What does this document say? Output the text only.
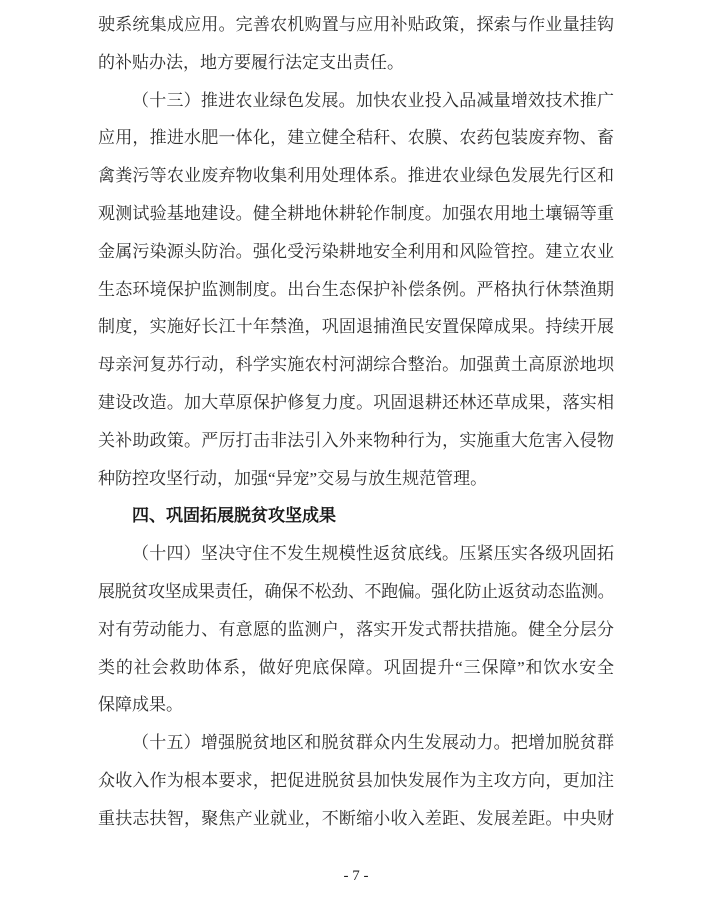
驶系统集成应用。完善农机购置与应用补贴政策，探索与作业量挂钩
的补贴办法，地方要履行法定支出责任。
（十三）推进农业绿色发展。加快农业投入品减量增效技术推广
应用，推进水肥一体化，建立健全秸秆、农膜、农药包装废弃物、畜
禽粪污等农业废弃物收集利用处理体系。推进农业绿色发展先行区和
观测试验基地建设。健全耕地休耕轮作制度。加强农用地土壤镉等重
金属污染源头防治。强化受污染耕地安全利用和风险管控。建立农业
生态环境保护监测制度。出台生态保护补偿条例。严格执行休禁渔期
制度，实施好长江十年禁渔，巩固退捕渔民安置保障成果。持续开展
母亲河复苏行动，科学实施农村河湖综合整治。加强黄土高原淤地坝
建设改造。加大草原保护修复力度。巩固退耕还林还草成果，落实相
关补助政策。严厉打击非法引入外来物种行为，实施重大危害入侵物
种防控攻坚行动，加强“异宠”交易与放生规范管理。
四、巩固拓展脱贫攻坚成果
（十四）坚决守住不发生规模性返贫底线。压紧压实各级巩固拓
展脱贫攻坚成果责任，确保不松劲、不跑偏。强化防止返贫动态监测。
对有劳动能力、有意愿的监测户，落实开发式帮扶措施。健全分层分
类的社会救助体系，做好兜底保障。巩固提升“三保障”和饮水安全
保障成果。
（十五）增强脱贫地区和脱贫群众内生发展动力。把增加脱贫群
众收入作为根本要求，把促进脱贫县加快发展作为主攻方向，更加注
重扶志扶智，聚焦产业就业，不断缩小收入差距、发展差距。中央财
- 7 -
